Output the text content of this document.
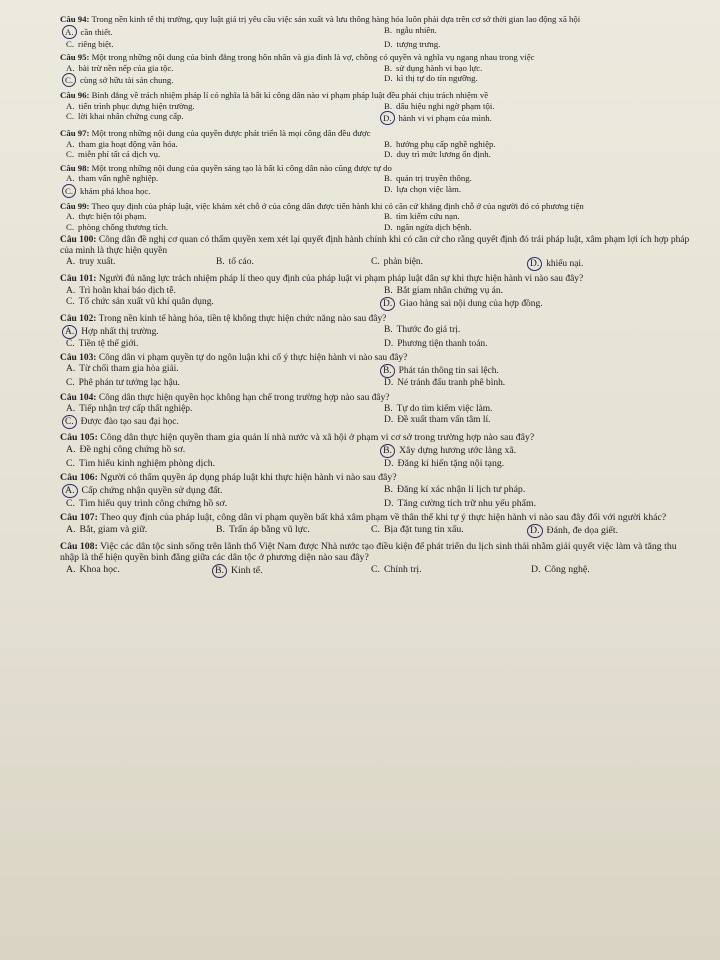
Câu 94: Trong nền kinh tế thị trường, quy luật giá trị yêu cầu việc sản xuất và lưu thông hàng hóa luôn phải dựa trên cơ sở thời gian lao động xã hội

A. cần thiết.	B. ngẫu nhiên.
C. riêng biệt.	D. tượng trưng.

Câu 95: Một trong những nội dung của bình đẳng trong hôn nhân và gia đình là vợ, chồng có quyền và nghĩa vụ ngang nhau trong việc

A. bài trừ nền nếp của gia tộc.	B. sử dụng hành vi bạo lực.
C. cùng sở hữu tài sản chung.	D. kì thị tự do tín ngưỡng.

Câu 96: Bình đẳng về trách nhiệm pháp lí có nghĩa là bất kì công dân nào vi phạm pháp luật đều phải chịu trách nhiệm về

A. tiến trình phục dựng hiện trường.	B. dấu hiệu nghi ngờ phạm tội.
C. lời khai nhân chứng cung cấp.	D. hành vi vi phạm của mình.

Câu 97: Một trong những nội dung của quyền được phát triển là mọi công dân đều được

A. tham gia hoạt động văn hóa.	B. hưởng phụ cấp nghề nghiệp.
C. miễn phí tất cả dịch vụ.	D. duy trì mức lương ổn định.

Câu 98: Một trong những nội dung của quyền sáng tạo là bất kì công dân nào cũng được tự do

A. tham vấn nghề nghiệp.	B. quản trị truyền thông.
C. khám phá khoa học.	D. lựa chọn việc làm.

Câu 99: Theo quy định của pháp luật, việc khám xét chỗ ở của công dân được tiến hành khi có căn cứ khẳng định chỗ ở của người đó có phương tiện

A. thực hiện tội phạm.	B. tìm kiếm cứu nạn.
C. phòng chống thương tích.	D. ngăn ngừa dịch bệnh.

Câu 100: Công dân đề nghị cơ quan có thẩm quyền xem xét lại quyết định hành chính khi có căn cứ cho rằng quyết định đó trái pháp luật, xâm phạm lợi ích hợp pháp của mình là thực hiện quyền

A. truy xuất.	B. tố cáo.	C. phản biện.	D. khiếu nại.

Câu 101: Người đủ năng lực trách nhiệm pháp lí theo quy định của pháp luật vi phạm pháp luật dân sự khi thực hiện hành vi nào sau đây?

A. Trì hoãn khai báo dịch tễ.	B. Bắt giam nhân chứng vụ án.
C. Tổ chức sản xuất vũ khí quân dụng.	D. Giao hàng sai nội dung của hợp đồng.

Câu 102: Trong nền kinh tế hàng hóa, tiền tệ không thực hiện chức năng nào sau đây?

A. Hợp nhất thị trường.	B. Thước đo giá trị.
C. Tiền tệ thế giới.	D. Phương tiện thanh toán.

Câu 103: Công dân vi phạm quyền tự do ngôn luận khi cố ý thực hiện hành vi nào sau đây?

A. Từ chối tham gia hòa giải.	B. Phát tán thông tin sai lệch.
C. Phê phán tư tưởng lạc hậu.	D. Né tránh đấu tranh phê bình.

Câu 104: Công dân thực hiện quyền học không hạn chế trong trường hợp nào sau đây?

A. Tiếp nhận trợ cấp thất nghiệp.	B. Tự do tìm kiếm việc làm.
C. Được đào tạo sau đại học.	D. Đề xuất tham vấn tâm lí.

Câu 105: Công dân thực hiện quyền tham gia quản lí nhà nước và xã hội ở phạm vi cơ sở trong trường hợp nào sau đây?

A. Đề nghị công chứng hồ sơ.	B. Xây dựng hương ước làng xã.
C. Tìm hiểu kinh nghiệm phòng dịch.	D. Đăng kí hiến tặng nội tạng.

Câu 106: Người có thẩm quyền áp dụng pháp luật khi thực hiện hành vi nào sau đây?

A. Cấp chứng nhận quyền sử dụng đất.	B. Đăng kí xác nhận lí lịch tư pháp.
C. Tìm hiểu quy trình công chứng hồ sơ.	D. Tăng cường tích trữ nhu yếu phẩm.

Câu 107: Theo quy định của pháp luật, công dân vi phạm quyền bất khả xâm phạm về thân thể khi tự ý thực hiện hành vi nào sau đây đối với người khác?

A. Bắt, giam và giữ.	B. Trấn áp bằng vũ lực.	C. Bịa đặt tung tin xấu.	D. Đánh, đe dọa giết.

Câu 108: Việc các dân tộc sinh sống trên lãnh thổ Việt Nam được Nhà nước tạo điều kiện để phát triển du lịch sinh thái nhằm giải quyết việc làm và tăng thu nhập là thể hiện quyền bình đẳng giữa các dân tộc ở phương diện nào sau đây?

A. Khoa học.	B. Kinh tế.	C. Chính trị.	D. Công nghệ.
